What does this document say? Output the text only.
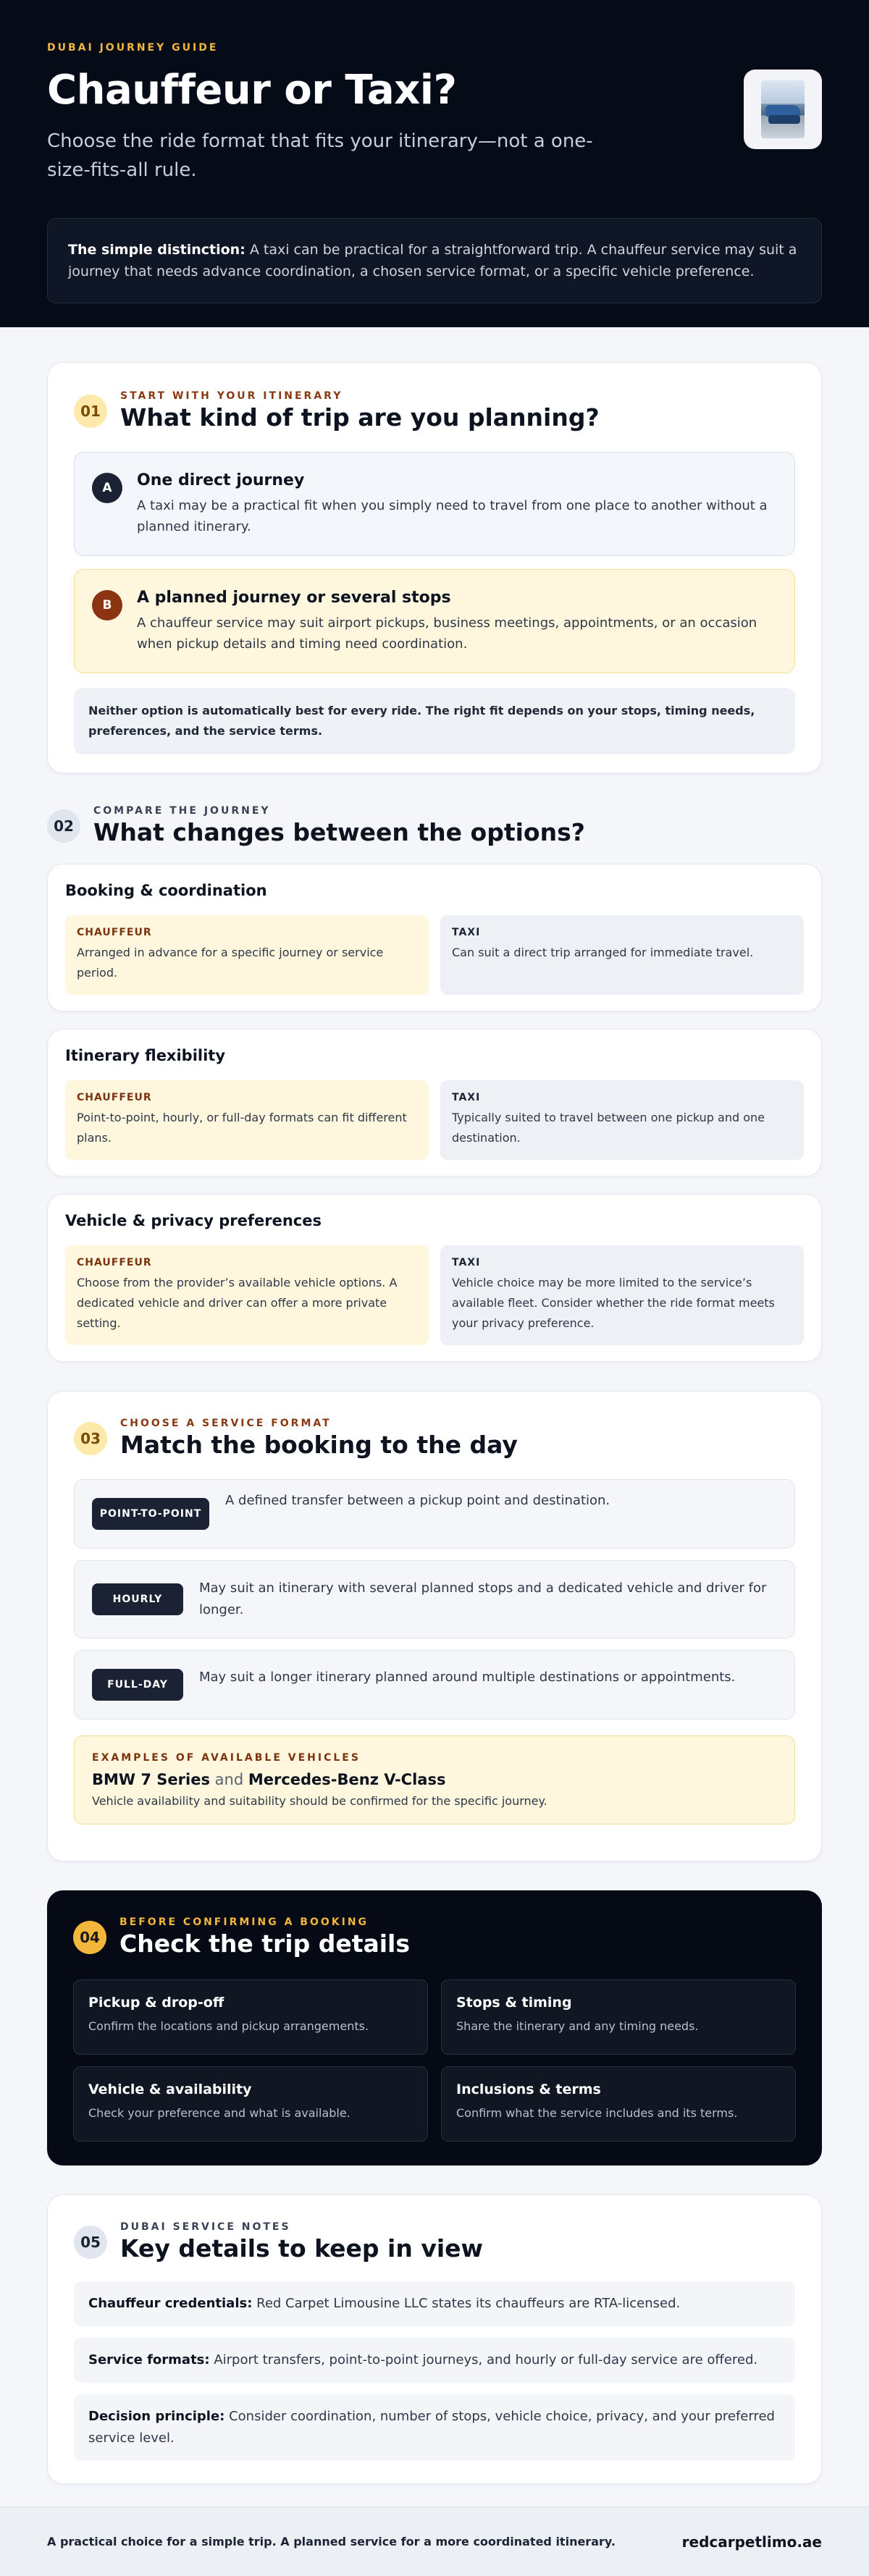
DUBAI JOURNEY GUIDE
Chauffeur or Taxi?

Choose the ride format that fits your itinerary—not a one-size-fits-all rule.

The simple distinction: A taxi can be practical for a straightforward trip. A chauffeur service may suit a journey that needs advance coordination, a chosen service format, or a specific vehicle preference.
01
START WITH YOUR ITINERARY
What kind of trip are you planning?
A	One direct journey
A taxi may be a practical fit when you simply need to travel from one place to another without a planned itinerary.
B	A planned journey or several stops
A chauffeur service may suit airport pickups, business meetings, appointments, or an occasion when pickup details and timing need coordination.
Neither option is automatically best for every ride. The right fit depends on your stops, timing needs, preferences, and the service terms.
02
COMPARE THE JOURNEY
What changes between the options?
Booking & coordination
CHAUFFEUR
Arranged in advance for a specific journey or service period.
TAXI
Can suit a direct trip arranged for immediate travel.
Itinerary flexibility
CHAUFFEUR
Point-to-point, hourly, or full-day formats can fit different plans.
TAXI
Typically suited to travel between one pickup and one destination.
Vehicle & privacy preferences
CHAUFFEUR
Choose from the provider’s available vehicle options. A dedicated vehicle and driver can offer a more private setting.
TAXI
Vehicle choice may be more limited to the service’s available fleet. Consider whether the ride format meets your privacy preference.
03
CHOOSE A SERVICE FORMAT
Match the booking to the day
POINT-TO-POINT
A defined transfer between a pickup point and destination.
HOURLY
May suit an itinerary with several planned stops and a dedicated vehicle and driver for longer.
FULL-DAY	May suit a longer itinerary planned around multiple destinations or appointments.
EXAMPLES OF AVAILABLE VEHICLES
BMW 7 Series and Mercedes-Benz V-Class
Vehicle availability and suitability should be confirmed for the specific journey.
04
BEFORE CONFIRMING A BOOKING
Check the trip details
Pickup & drop-off
Confirm the locations and pickup arrangements.
Stops & timing
Share the itinerary and any timing needs.
Vehicle & availability
Check your preference and what is available.
Inclusions & terms
Confirm what the service includes and its terms.
05
DUBAI SERVICE NOTES
Key details to keep in view
Chauffeur credentials: Red Carpet Limousine LLC states its chauffeurs are RTA-licensed.
Service formats: Airport transfers, point-to-point journeys, and hourly or full-day service are offered.
Decision principle: Consider coordination, number of stops, vehicle choice, privacy, and your preferred service level.
A practical choice for a simple trip. A planned service for a more coordinated itinerary.	redcarpetlimo.ae
